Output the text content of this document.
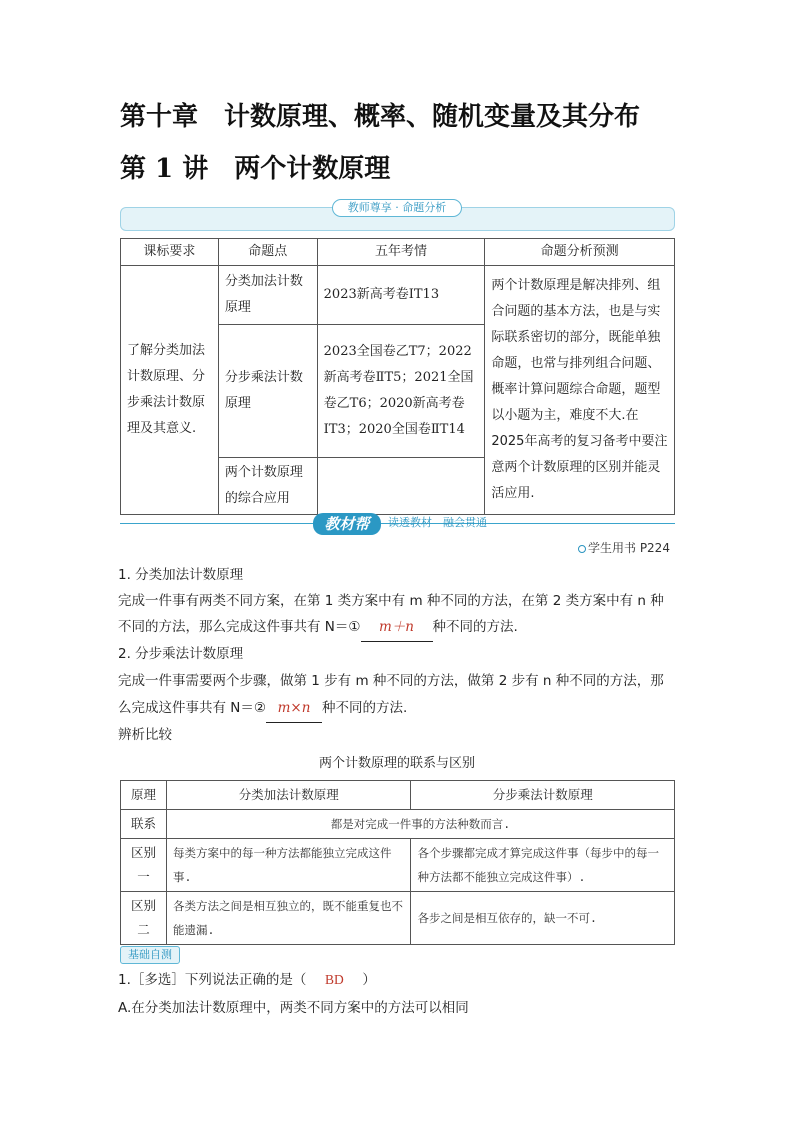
第十章　计数原理、概率、随机变量及其分布
第 1 讲　两个计数原理
教师尊享 · 命题分析
课标要求	命题点	五年考情	命题分析预测
了解分类加法计数原理、分步乘法计数原理及其意义.	分类加法计数原理	2023新高考卷ⅠT13	两个计数原理是解决排列、组合问题的基本方法，也是与实际联系密切的部分，既能单独命题，也常与排列组合问题、概率计算问题综合命题，题型以小题为主，难度不大.在 2025年高考的复习备考中要注意两个计数原理的区别并能灵活应用.
	分步乘法计数原理	2023全国卷乙T7；2022新高考卷ⅡT5；2021全国卷乙T6；2020新高考卷ⅠT3；2020全国卷ⅡT14	
	两个计数原理的综合应用		
教材帮	读透教材　融会贯通
学生用书 P224
1. 分类加法计数原理
完成一件事有两类不同方案，在第 1 类方案中有 m 种不同的方法，在第 2 类方案中有 n 种
不同的方法，那么完成这件事共有 N＝① m＋n 种不同的方法.
2. 分步乘法计数原理
完成一件事需要两个步骤，做第 1 步有 m 种不同的方法，做第 2 步有 n 种不同的方法，那
么完成这件事共有 N＝② m×n 种不同的方法.
辨析比较
两个计数原理的联系与区别
原理	分类加法计数原理	分步乘法计数原理
联系	都是对完成一件事的方法种数而言.	
区别一	每类方案中的每一种方法都能独立完成这件事.	各个步骤都完成才算完成这件事（每步中的每一种方法都不能独立完成这件事）.
区别二	各类方法之间是相互独立的，既不能重复也不能遗漏.	各步之间是相互依存的，缺一不可.
基础自测
1.［多选］下列说法正确的是（ BD ）
A.在分类加法计数原理中，两类不同方案中的方法可以相同
